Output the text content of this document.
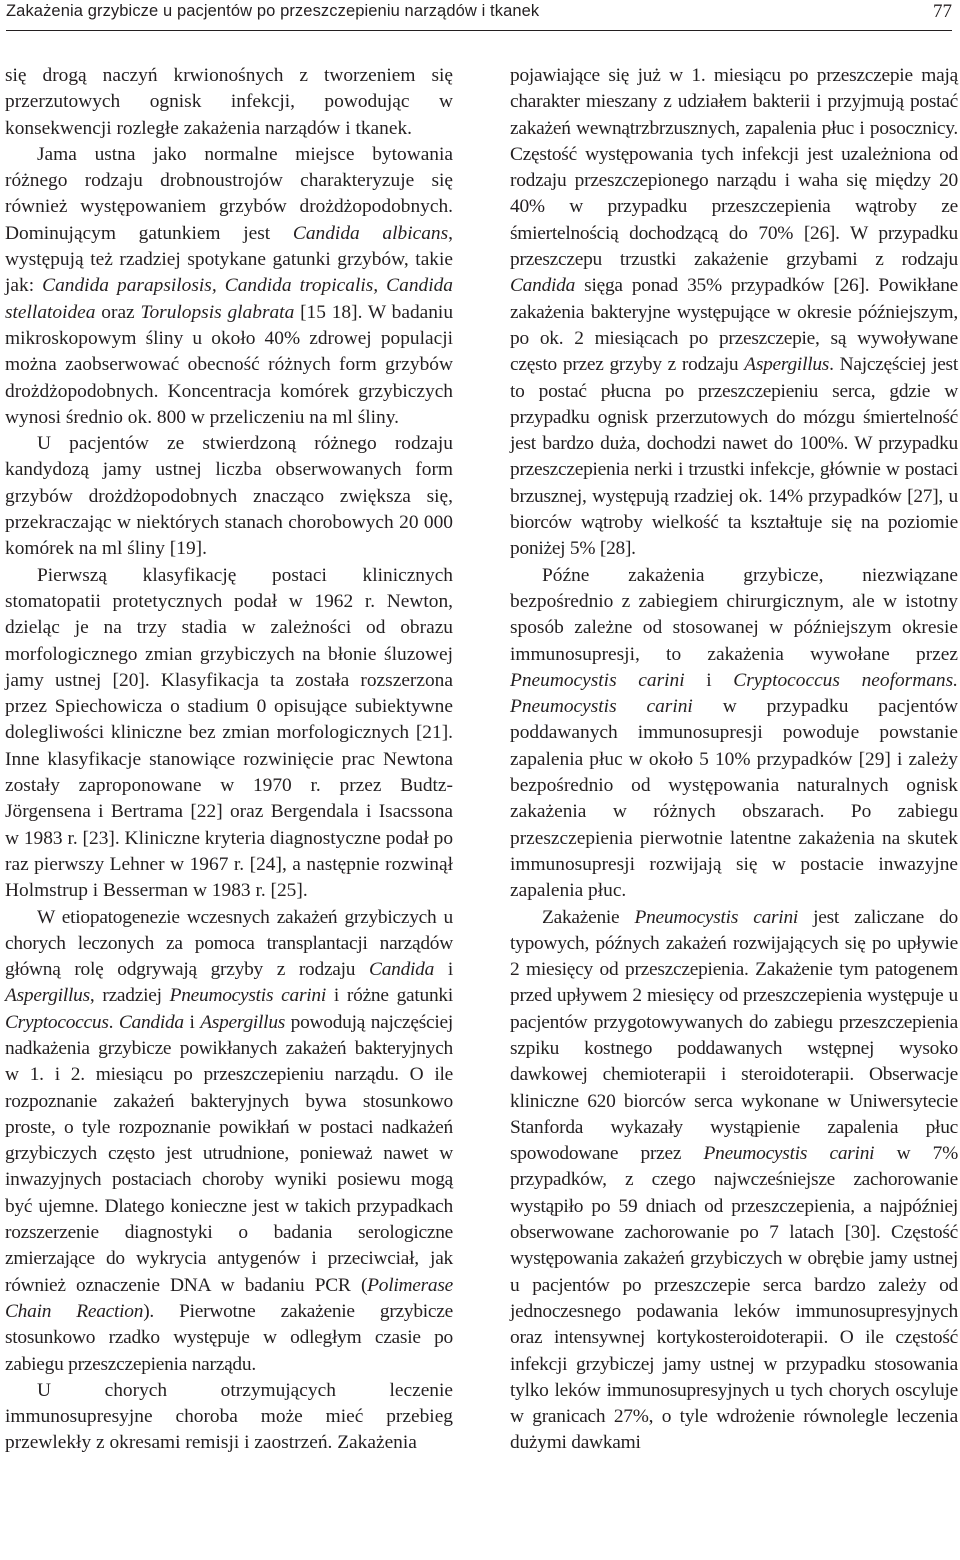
Zakażenia grzybicze u pacjentów po przeszczepieniu narządów i tkanek	77

się drogą naczyń krwionośnych z tworzeniem się przerzutowych ognisk infekcji, powodując w konsekwencji rozległe zakażenia narządów i tkanek.

Jama ustna jako normalne miejsce bytowania różnego rodzaju drobnoustrojów charakteryzuje się również występowaniem grzybów drożdżopodobnych. Dominującym gatunkiem jest Candida albicans, występują też rzadziej spotykane gatunki grzybów, takie jak: Candida parapsilosis, Candida tropicalis, Candida stellatoidea oraz Torulopsis glabrata [15 18]. W badaniu mikroskopowym śliny u około 40% zdrowej populacji można zaobserwować obecność różnych form grzybów drożdżopodobnych. Koncentracja komórek grzybiczych wynosi średnio ok. 800 w przeliczeniu na ml śliny.

U pacjentów ze stwierdzoną różnego rodzaju kandydozą jamy ustnej liczba obserwowanych form grzybów drożdżopodobnych znacząco zwiększa się, przekraczając w niektórych stanach chorobowych 20 000 komórek na ml śliny [19].

Pierwszą klasyfikację postaci klinicznych stomatopatii protetycznych podał w 1962 r. Newton, dzieląc je na trzy stadia w zależności od obrazu morfologicznego zmian grzybiczych na błonie śluzowej jamy ustnej [20]. Klasyfikacja ta została rozszerzona przez Spiechowicza o stadium 0 opisujące subiektywne dolegliwości kliniczne bez zmian morfologicznych [21]. Inne klasyfikacje stanowiące rozwinięcie prac Newtona zostały zaproponowane w 1970 r. przez Budtz-Jörgensena i Bertrama [22] oraz Bergendala i Isacssona w 1983 r. [23]. Kliniczne kryteria diagnostyczne podał po raz pierwszy Lehner w 1967 r. [24], a następnie rozwinął Holmstrup i Besserman w 1983 r. [25].

W etiopatogenezie wczesnych zakażeń grzybiczych u chorych leczonych za pomoca transplantacji narządów główną rolę odgrywają grzyby z rodzaju Candida i Aspergillus, rzadziej Pneumocystis carini i różne gatunki Cryptococcus. Candida i Aspergillus powodują najczęściej nadkażenia grzybicze powikłanych zakażeń bakteryjnych w 1. i 2. miesiącu po przeszczepieniu narządu. O ile rozpoznanie zakażeń bakteryjnych bywa stosunkowo proste, o tyle rozpoznanie powikłań w postaci nadkażeń grzybiczych często jest utrudnione, ponieważ nawet w inwazyjnych postaciach choroby wyniki posiewu mogą być ujemne. Dlatego konieczne jest w takich przypadkach rozszerzenie diagnostyki o badania serologiczne zmierzające do wykrycia antygenów i przeciwciał, jak również oznaczenie DNA w badaniu PCR (Polimerase Chain Reaction). Pierwotne zakażenie grzybicze stosunkowo rzadko występuje w odległym czasie po zabiegu przeszczepienia narządu.

U chorych otrzymujących leczenie immunosupresyjne choroba może mieć przebieg przewlekły z okresami remisji i zaostrzeń. Zakażenia

pojawiające się już w 1. miesiącu po przeszczepie mają charakter mieszany z udziałem bakterii i przyjmują postać zakażeń wewnątrzbrzusznych, zapalenia płuc i posocznicy. Częstość występowania tych infekcji jest uzależniona od rodzaju przeszczepionego narządu i waha się między 20 40% w przypadku przeszczepienia wątroby ze śmiertelnością dochodzącą do 70% [26]. W przypadku przeszczepu trzustki zakażenie grzybami z rodzaju Candida sięga ponad 35% przypadków [26]. Powikłane zakażenia bakteryjne występujące w okresie późniejszym, po ok. 2 miesiącach po przeszczepie, są wywoływane często przez grzyby z rodzaju Aspergillus. Najczęściej jest to postać płucna po przeszczepieniu serca, gdzie w przypadku ognisk przerzutowych do mózgu śmiertelność jest bardzo duża, dochodzi nawet do 100%. W przypadku przeszczepienia nerki i trzustki infekcje, głównie w postaci brzusznej, występują rzadziej ok. 14% przypadków [27], u biorców wątroby wielkość ta kształtuje się na poziomie poniżej 5% [28].

Późne zakażenia grzybicze, niezwiązane bezpośrednio z zabiegiem chirurgicznym, ale w istotny sposób zależne od stosowanej w późniejszym okresie immunosupresji, to zakażenia wywołane przez Pneumocystis carini i Cryptococcus neoformans. Pneumocystis carini w przypadku pacjentów poddawanych immunosupresji powoduje powstanie zapalenia płuc w około 5 10% przypadków [29] i zależy bezpośrednio od występowania naturalnych ognisk zakażenia w różnych obszarach. Po zabiegu przeszczepienia pierwotnie latentne zakażenia na skutek immunosupresji rozwijają się w postacie inwazyjne zapalenia płuc.

Zakażenie Pneumocystis carini jest zaliczane do typowych, późnych zakażeń rozwijających się po upływie 2 miesięcy od przeszczepienia. Zakażenie tym patogenem przed upływem 2 miesięcy od przeszczepienia występuje u pacjentów przygotowywanych do zabiegu przeszczepienia szpiku kostnego poddawanych wstępnej wysoko dawkowej chemioterapii i steroidoterapii. Obserwacje kliniczne 620 biorców serca wykonane w Uniwersytecie Stanforda wykazały wystąpienie zapalenia płuc spowodowane przez Pneumocystis carini w 7% przypadków, z czego najwcześniejsze zachorowanie wystąpiło po 59 dniach od przeszczepienia, a najpóźniej obserwowane zachorowanie po 7 latach [30]. Częstość występowania zakażeń grzybiczych w obrębie jamy ustnej u pacjentów po przeszczepie serca bardzo zależy od jednoczesnego podawania leków immunosupresyjnych oraz intensywnej kortykosteroidoterapii. O ile częstość infekcji grzybiczej jamy ustnej w przypadku stosowania tylko leków immunosupresyjnych u tych chorych oscyluje w granicach 27%, o tyle wdrożenie równolegle leczenia dużymi dawkami
